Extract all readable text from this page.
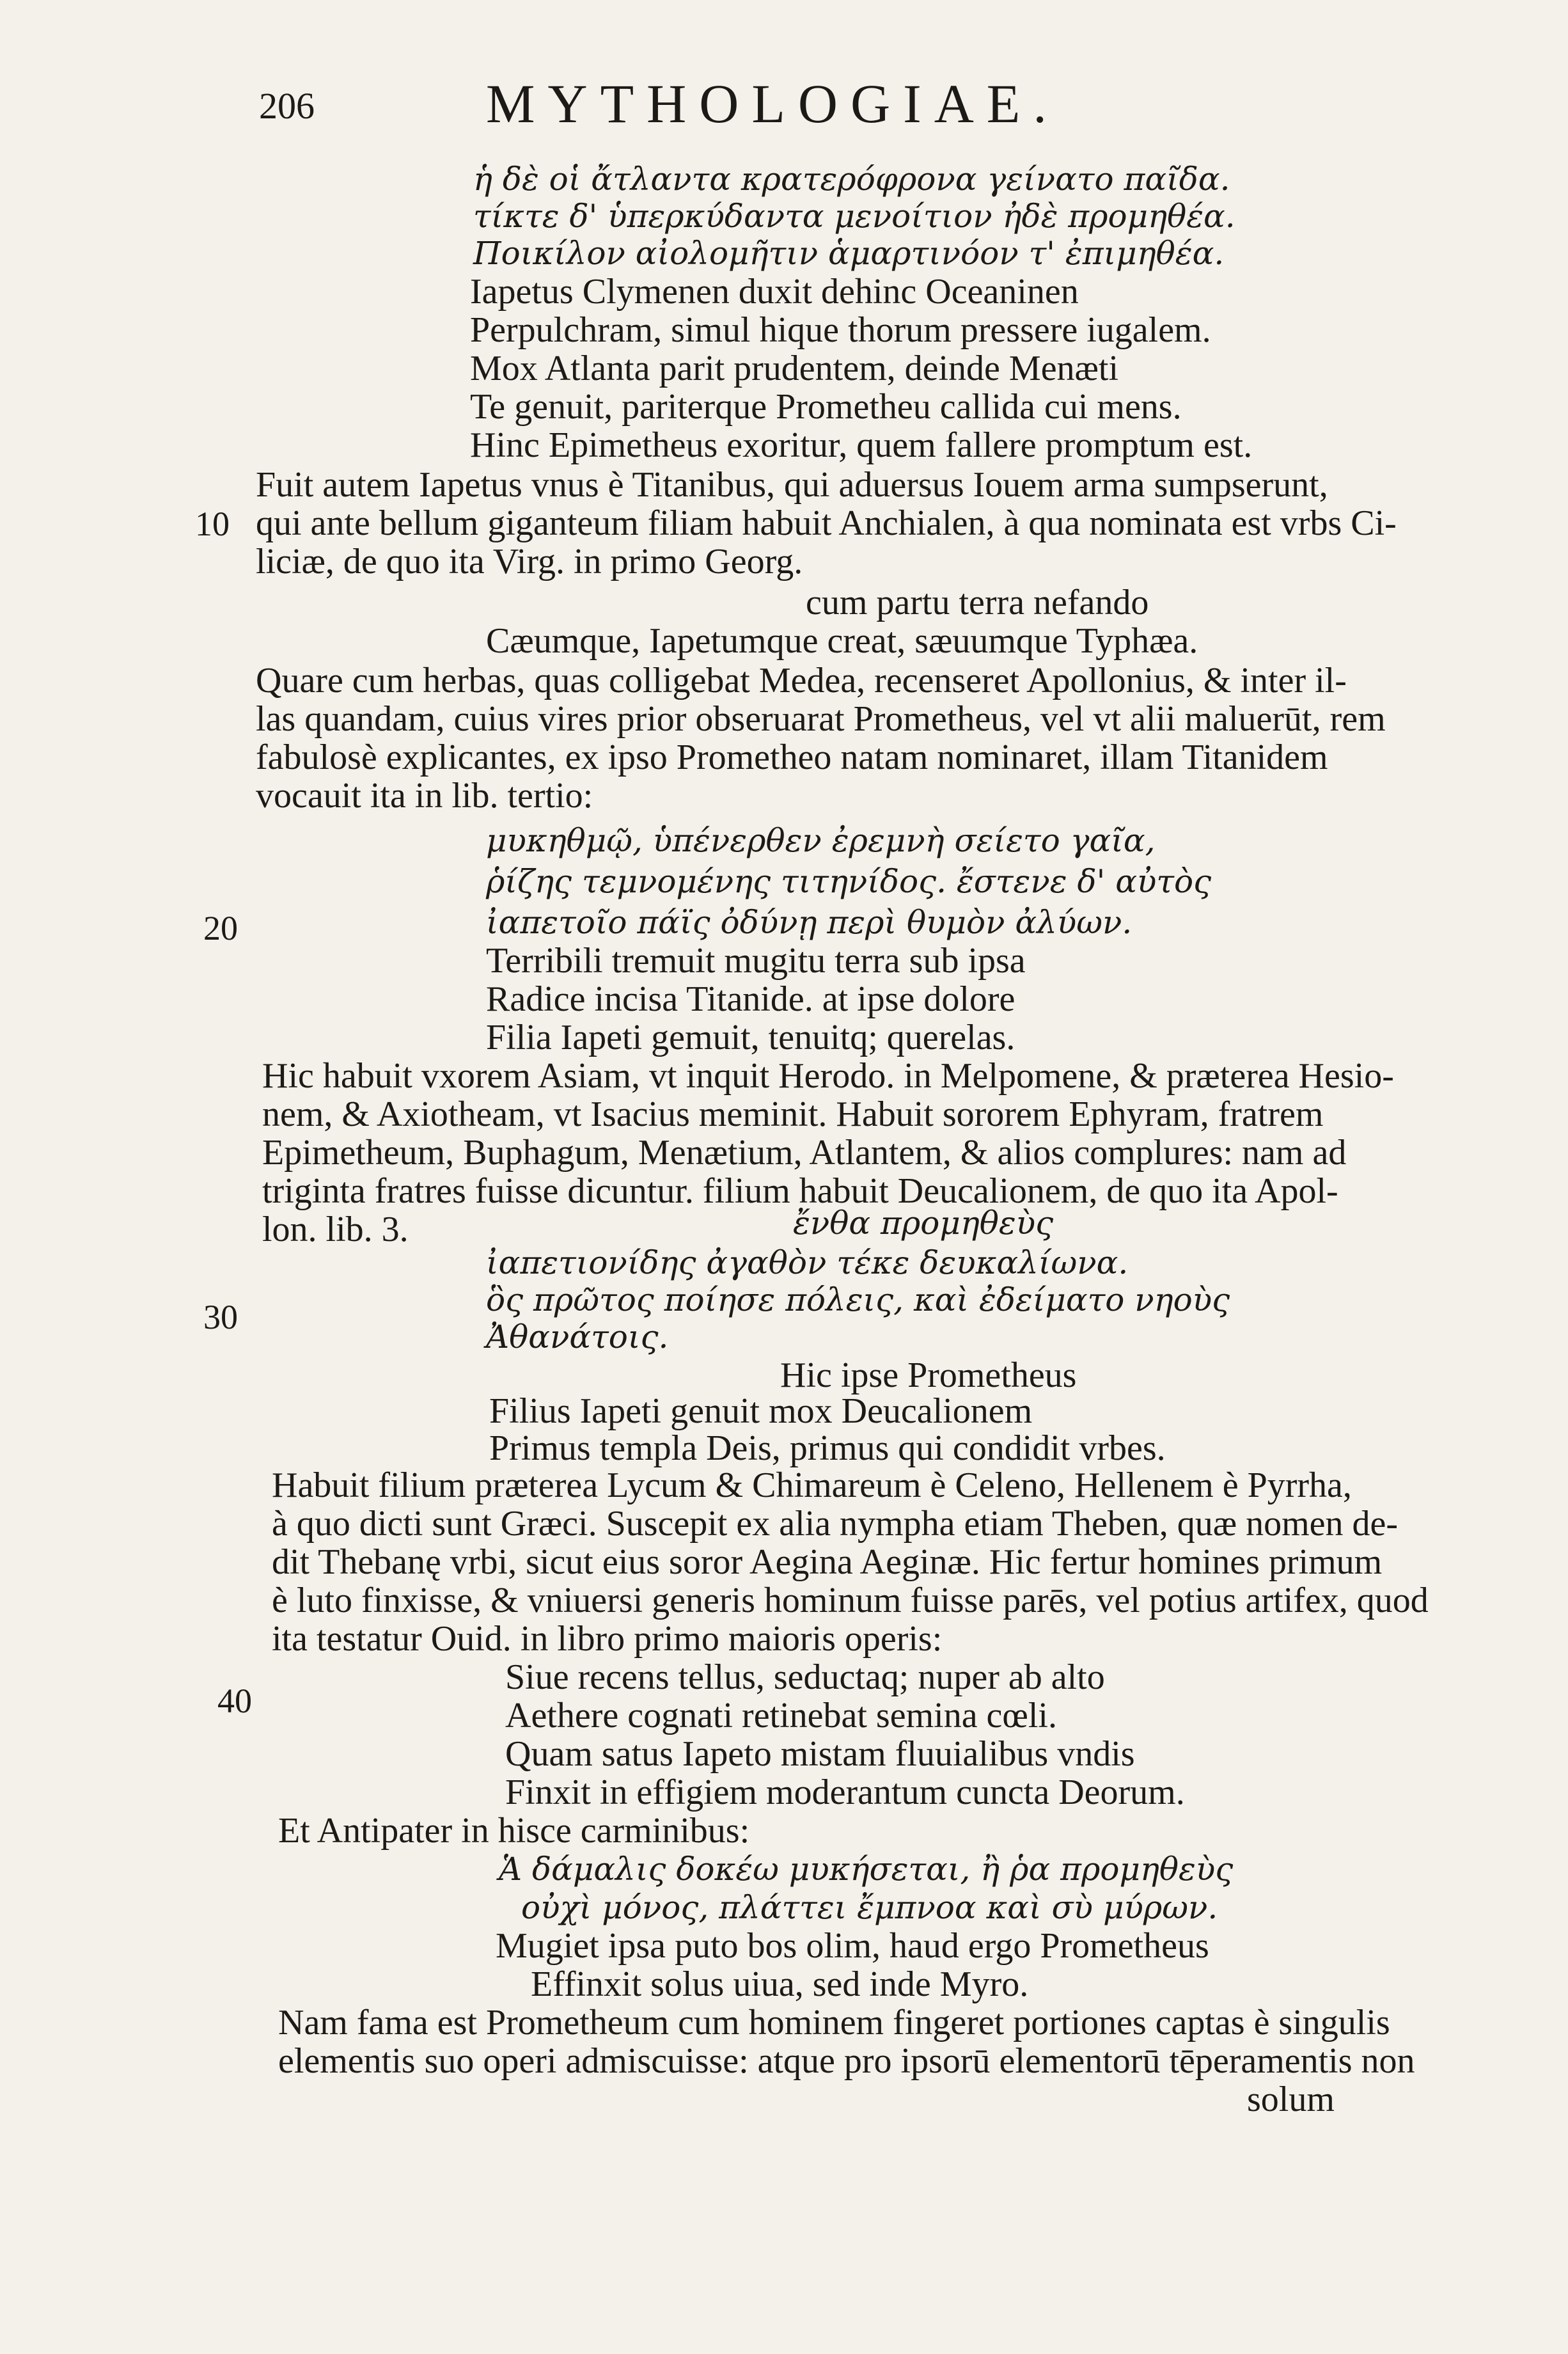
206	MYTHOLOGIAE.
10
20
30
40
ἡ δὲ οἱ ἄτλαντα κρατερόφρονα γείνατο παῖδα.
τίκτε δ' ὑπερκύδαντα μενοίτιον ἠδὲ προμηθέα.
Ποικίλον αἰολομῆτιν ἁμαρτινόον τ' ἐπιμηθέα.
Iapetus Clymenen duxit dehinc Oceaninen
Perpulchram, simul hique thorum pressere iugalem.
Mox Atlanta parit prudentem, deinde Menæti
Te genuit, pariterque Prometheu callida cui mens.
Hinc Epimetheus exoritur, quem fallere promptum est.
Fuit autem Iapetus vnus è Titanibus, qui aduersus Iouem arma sumpserunt,
qui ante bellum giganteum filiam habuit Anchialen, à qua nominata est vrbs Ci-
liciæ, de quo ita Virg. in primo Georg.
cum partu terra nefando
Cæumque, Iapetumque creat, sæuumque Typhæa.
Quare cum herbas, quas colligebat Medea, recenseret Apollonius, & inter il-
las quandam, cuius vires prior obseruarat Prometheus, vel vt alii maluerūt, rem
fabulosè explicantes, ex ipso Prometheo natam nominaret, illam Titanidem
vocauit ita in lib. tertio:
μυκηθμῷ, ὑπένερθεν ἐρεμνὴ σείετο γαῖα,
ῥίζης τεμνομένης τιτηνίδος. ἔστενε δ' αὐτὸς
ἰαπετοῖο πάϊς ὀδύνῃ περὶ θυμὸν ἀλύων.
Terribili tremuit mugitu terra sub ipsa
Radice incisa Titanide. at ipse dolore
Filia Iapeti gemuit, tenuitq; querelas.
Hic habuit vxorem Asiam, vt inquit Herodo. in Melpomene, & præterea Hesio-
nem, & Axiotheam, vt Isacius meminit. Habuit sororem Ephyram, fratrem
Epimetheum, Buphagum, Menætium, Atlantem, & alios complures: nam ad
triginta fratres fuisse dicuntur. filium habuit Deucalionem, de quo ita Apol-
lon. lib. 3.	ἔνθα προμηθεὺς
ἰαπετιονίδης ἀγαθὸν τέκε δευκαλίωνα.
ὃς πρῶτος ποίησε πόλεις, καὶ ἐδείματο νηοὺς
Ἀθανάτοις.
Hic ipse Prometheus
Filius Iapeti genuit mox Deucalionem
Primus templa Deis, primus qui condidit vrbes.
Habuit filium præterea Lycum & Chimareum è Celeno, Hellenem è Pyrrha,
à quo dicti sunt Græci. Suscepit ex alia nympha etiam Theben, quæ nomen de-
dit Thebanę vrbi, sicut eius soror Aegina Aeginæ. Hic fertur homines primum
è luto finxisse, & vniuersi generis hominum fuisse parēs, vel potius artifex, quod
ita testatur Ouid. in libro primo maioris operis:
Siue recens tellus, seductaq; nuper ab alto
Aethere cognati retinebat semina cœli.
Quam satus Iapeto mistam fluuialibus vndis
Finxit in effigiem moderantum cuncta Deorum.
Et Antipater in hisce carminibus:
Ἁ δάμαλις δοκέω μυκήσεται, ἢ ῥα προμηθεὺς
οὐχὶ μόνος, πλάττει ἔμπνοα καὶ σὺ μύρων.
Mugiet ipsa puto bos olim, haud ergo Prometheus
Effinxit solus uiua, sed inde Myro.
Nam fama est Prometheum cum hominem fingeret portiones captas è singulis
elementis suo operi admiscuisse: atque pro ipsorū elementorū tēperamentis non
solum
